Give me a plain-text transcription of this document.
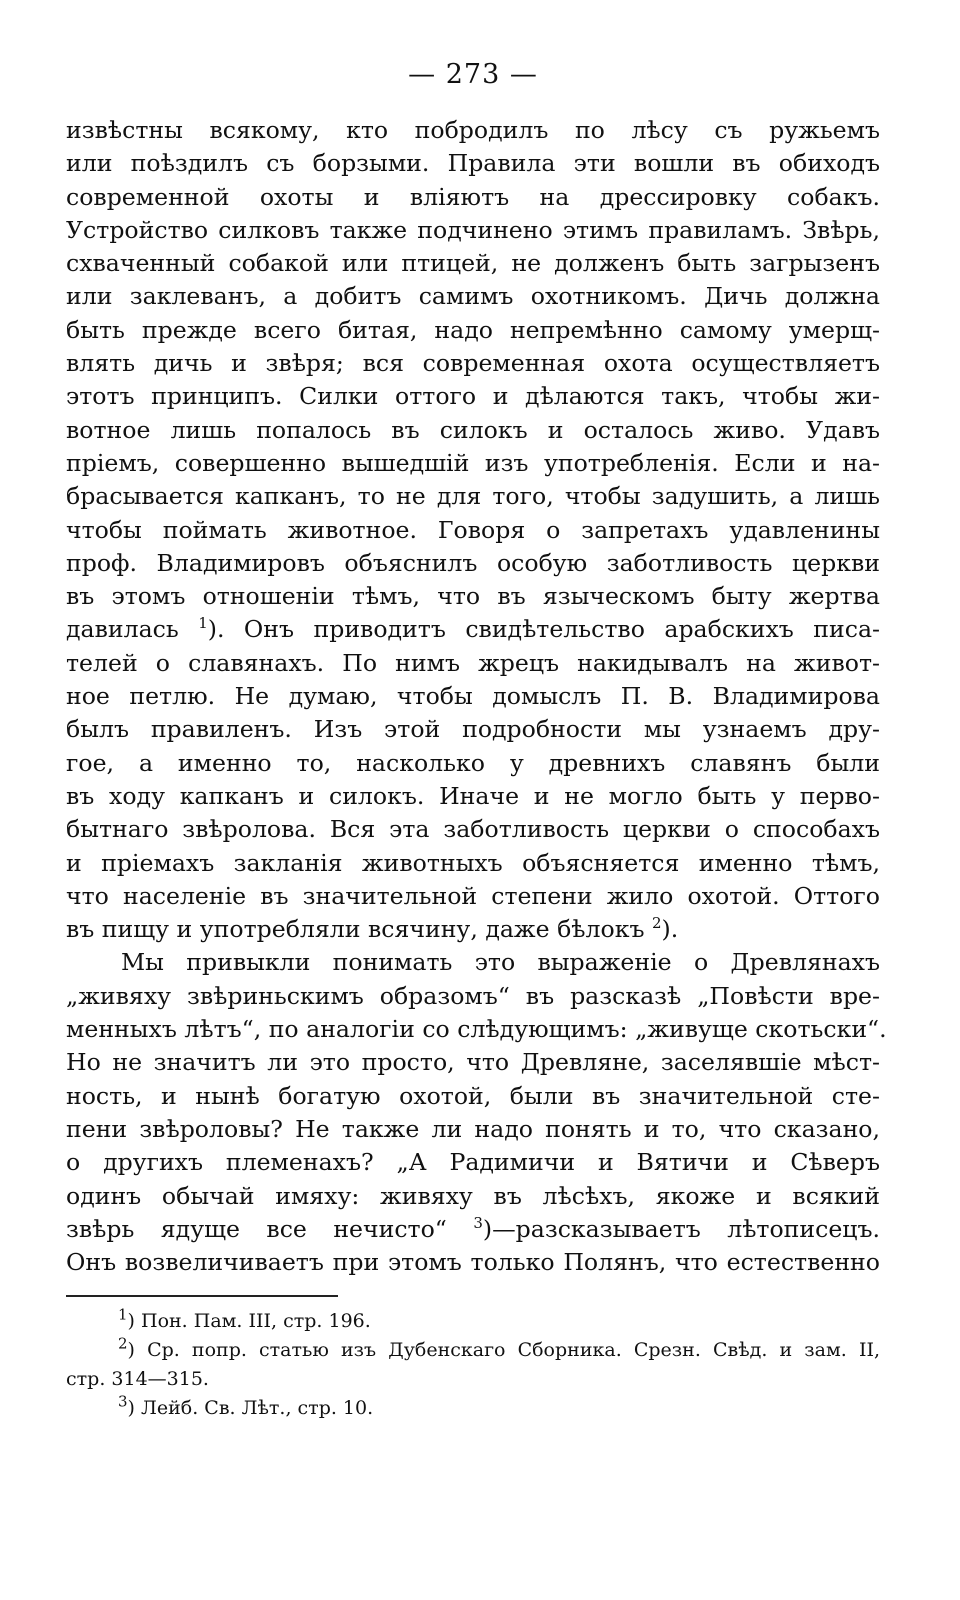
— 273 —
извѣстны всякому, кто побродилъ по лѣсу съ ружьемъ
или поѣздилъ съ борзыми. Правила эти вошли въ обиходъ
современной охоты и вліяютъ на дрессировку собакъ.
Устройство силковъ также подчинено этимъ правиламъ. Звѣрь,
схваченный собакой или птицей, не долженъ быть загрызенъ
или заклеванъ, а добитъ самимъ охотникомъ. Дичь должна
быть прежде всего битая, надо непремѣнно самому умерщ-
влять дичь и звѣря; вся современная охота осуществляетъ
этотъ принципъ. Силки оттого и дѣлаются такъ, чтобы жи-
вотное лишь попалось въ силокъ и осталось живо. Удавъ
пріемъ, совершенно вышедшій изъ употребленія. Если и на-
брасывается капканъ, то не для того, чтобы задушить, а лишь
чтобы поймать животное. Говоря о запретахъ удавленины
проф. Владимировъ объяснилъ особую заботливость церкви
въ этомъ отношеніи тѣмъ, что въ языческомъ быту жертва
давилась $^1$). Онъ приводитъ свидѣтельство арабскихъ писа-
телей о славянахъ. По нимъ жрецъ накидывалъ на живот-
ное петлю. Не думаю, чтобы домыслъ П. В. Владимирова
былъ правиленъ. Изъ этой подробности мы узнаемъ дру-
гое, а именно то, насколько у древнихъ славянъ были
въ ходу капканъ и силокъ. Иначе и не могло быть у перво-
бытнаго звѣролова. Вся эта заботливость церкви о способахъ
и пріемахъ закланія животныхъ объясняется именно тѣмъ,
что населеніе въ значительной степени жило охотой. Оттого
въ пищу и употребляли всячину, даже бѣлокъ $^2$).
Мы привыкли понимать это выраженіе о Древлянахъ
„живяху звѣриньскимъ образомъ“ въ разсказѣ „Повѣсти вре-
менныхъ лѣтъ“, по аналогіи со слѣдующимъ: „живуще скотьски“.
Но не значитъ ли это просто, что Древляне, заселявшіе мѣст-
ность, и нынѣ богатую охотой, были въ значительной сте-
пени звѣроловы? Не также ли надо понять и то, что сказано,
о другихъ племенахъ? „А Радимичи и Вятичи и Сѣверъ
одинъ обычай имяху: живяху въ лѣсѣхъ, якоже и всякий
звѣрь ядуще все нечисто“ $^3$)—разсказываетъ лѣтописецъ.
Онъ возвеличиваетъ при этомъ только Полянъ, что естественно
$^1$) Пон. Пам. III, стр. 196.
$^2$) Ср. попр. статью изъ Дубенскаго Сборника. Срезн. Свѣд. и зам. II,
стр. 314—315.
$^3$) Лейб. Св. Лѣт., стр. 10.
